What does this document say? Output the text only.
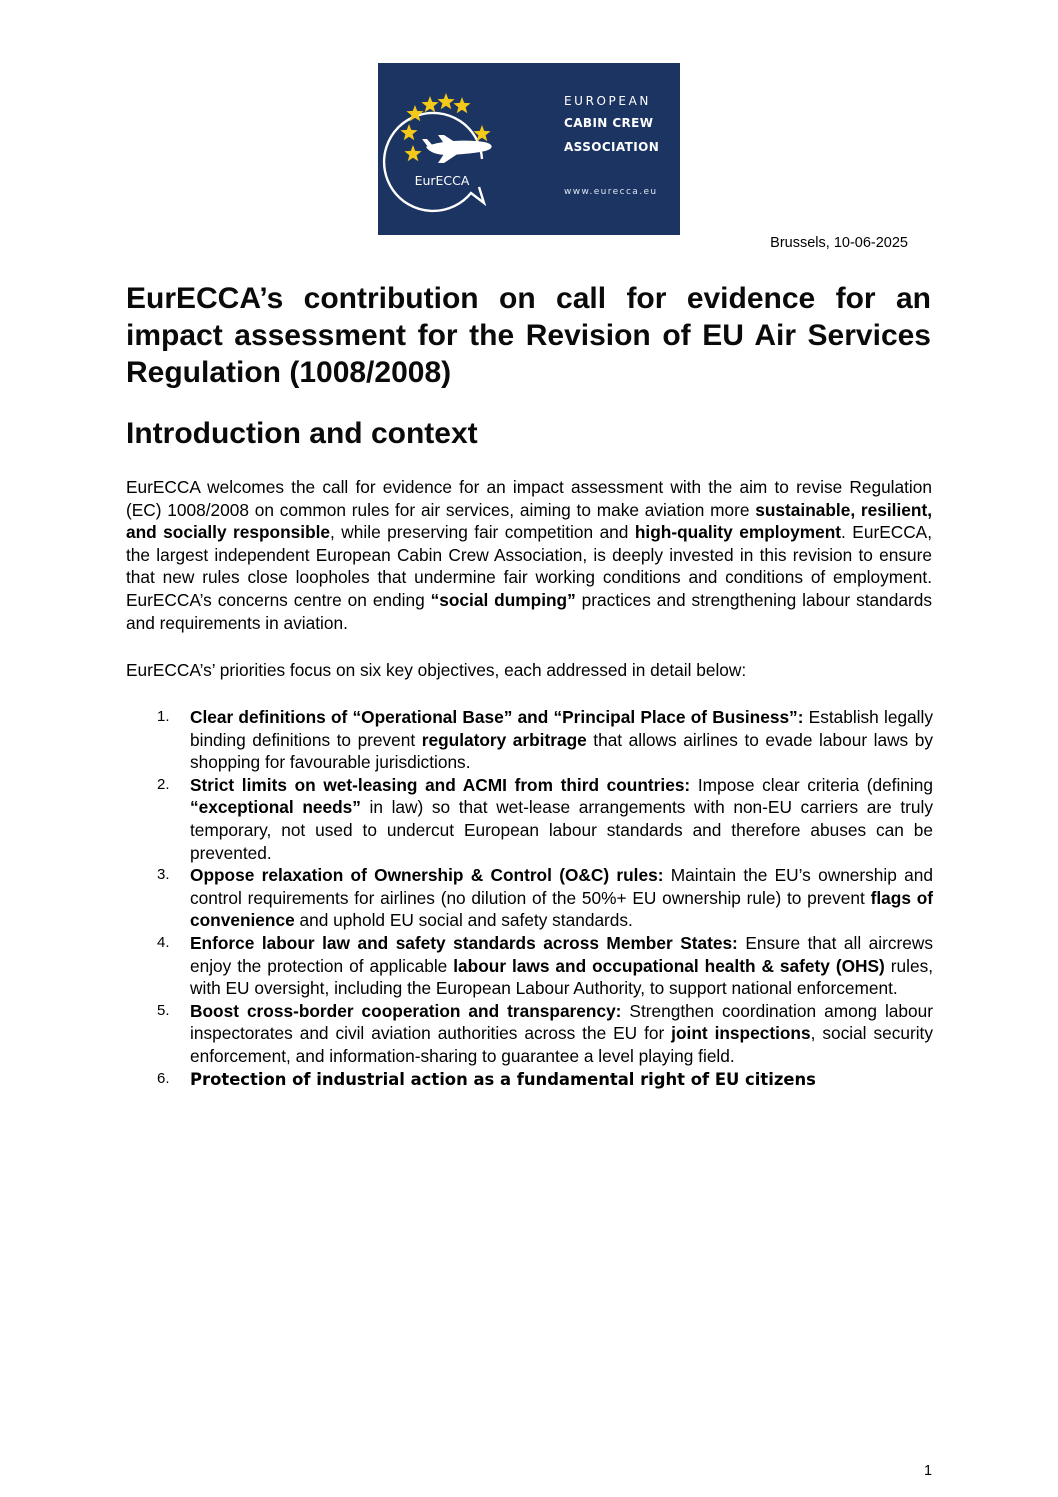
EurECCA
EUROPEAN
CABIN CREW
ASSOCIATION
www.eurecca.eu
Brussels, 10-06-2025
EurECCA’s contribution on call for evidence for an impact assessment for the Revision of EU Air Services Regulation (1008/2008)
Introduction and context

EurECCA welcomes the call for evidence for an impact assessment with the aim to revise Regulation (EC) 1008/2008 on common rules for air services, aiming to make aviation more sustainable, resilient, and socially responsible, while preserving fair competition and high-quality employment. EurECCA, the largest independent European Cabin Crew Association, is deeply invested in this revision to ensure that new rules close loopholes that undermine fair working conditions and conditions of employment. EurECCA’s concerns centre on ending “social dumping” practices and strengthening labour standards and requirements in aviation.

EurECCA’s’ priorities focus on six key objectives, each addressed in detail below:

1. Clear definitions of “Operational Base” and “Principal Place of Business”: Establish legally binding definitions to prevent regulatory arbitrage that allows airlines to evade labour laws by shopping for favourable jurisdictions.
2. Strict limits on wet-leasing and ACMI from third countries: Impose clear criteria (defining “exceptional needs” in law) so that wet-lease arrangements with non-EU carriers are truly temporary, not used to undercut European labour standards and therefore abuses can be prevented.
3. Oppose relaxation of Ownership & Control (O&C) rules: Maintain the EU’s ownership and control requirements for airlines (no dilution of the 50%+ EU ownership rule) to prevent flags of convenience and uphold EU social and safety standards.
4. Enforce labour law and safety standards across Member States: Ensure that all aircrews enjoy the protection of applicable labour laws and occupational health & safety (OHS) rules, with EU oversight, including the European Labour Authority, to support national enforcement.
5. Boost cross-border cooperation and transparency: Strengthen coordination among labour inspectorates and civil aviation authorities across the EU for joint inspections, social security enforcement, and information-sharing to guarantee a level playing field.
6. Protection of industrial action as a fundamental right of EU citizens
1
